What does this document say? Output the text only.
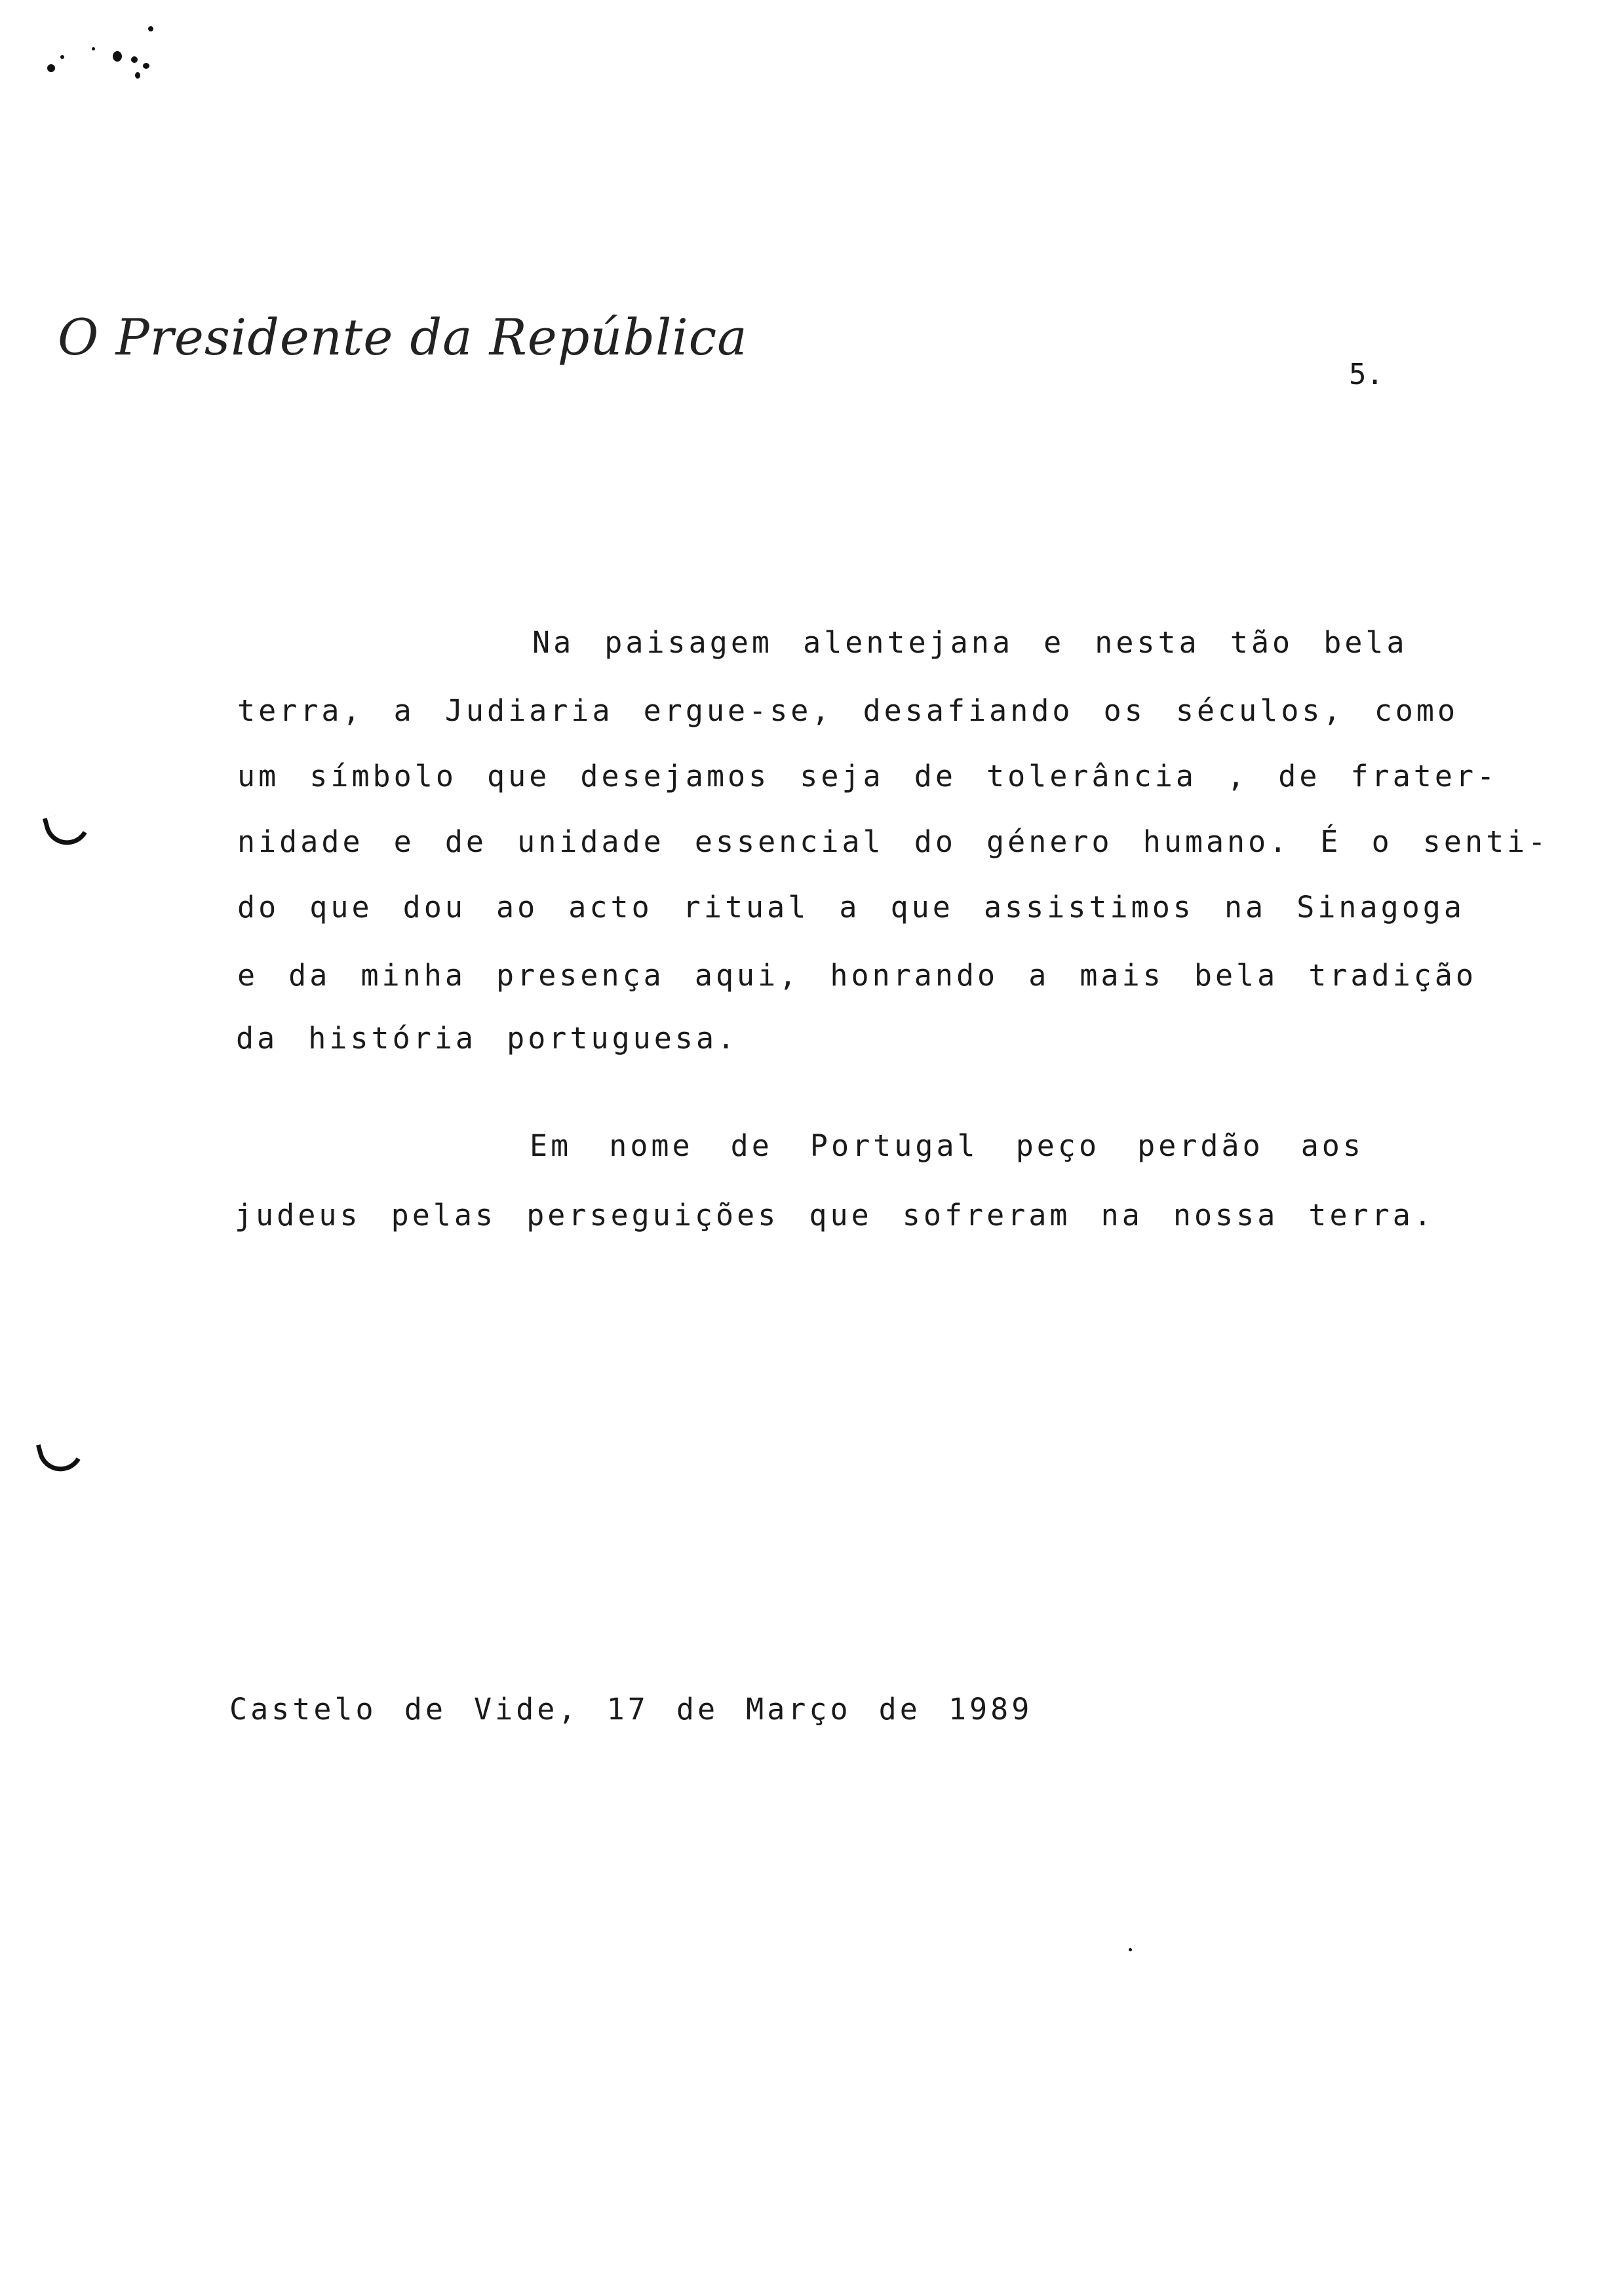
O Presidente da República
5.
Na paisagem alentejana e nesta tão bela
terra, a Judiaria ergue-se, desafiando os séculos, como
um símbolo que desejamos seja de tolerância , de frater-
nidade e de unidade essencial do género humano. É o senti-
do que dou ao acto ritual a que assistimos na Sinagoga
e da minha presença aqui, honrando a mais bela tradição
da história portuguesa.
Em nome de Portugal peço perdão aos
judeus pelas perseguições que sofreram na nossa terra.
Castelo de Vide, 17 de Março de 1989
